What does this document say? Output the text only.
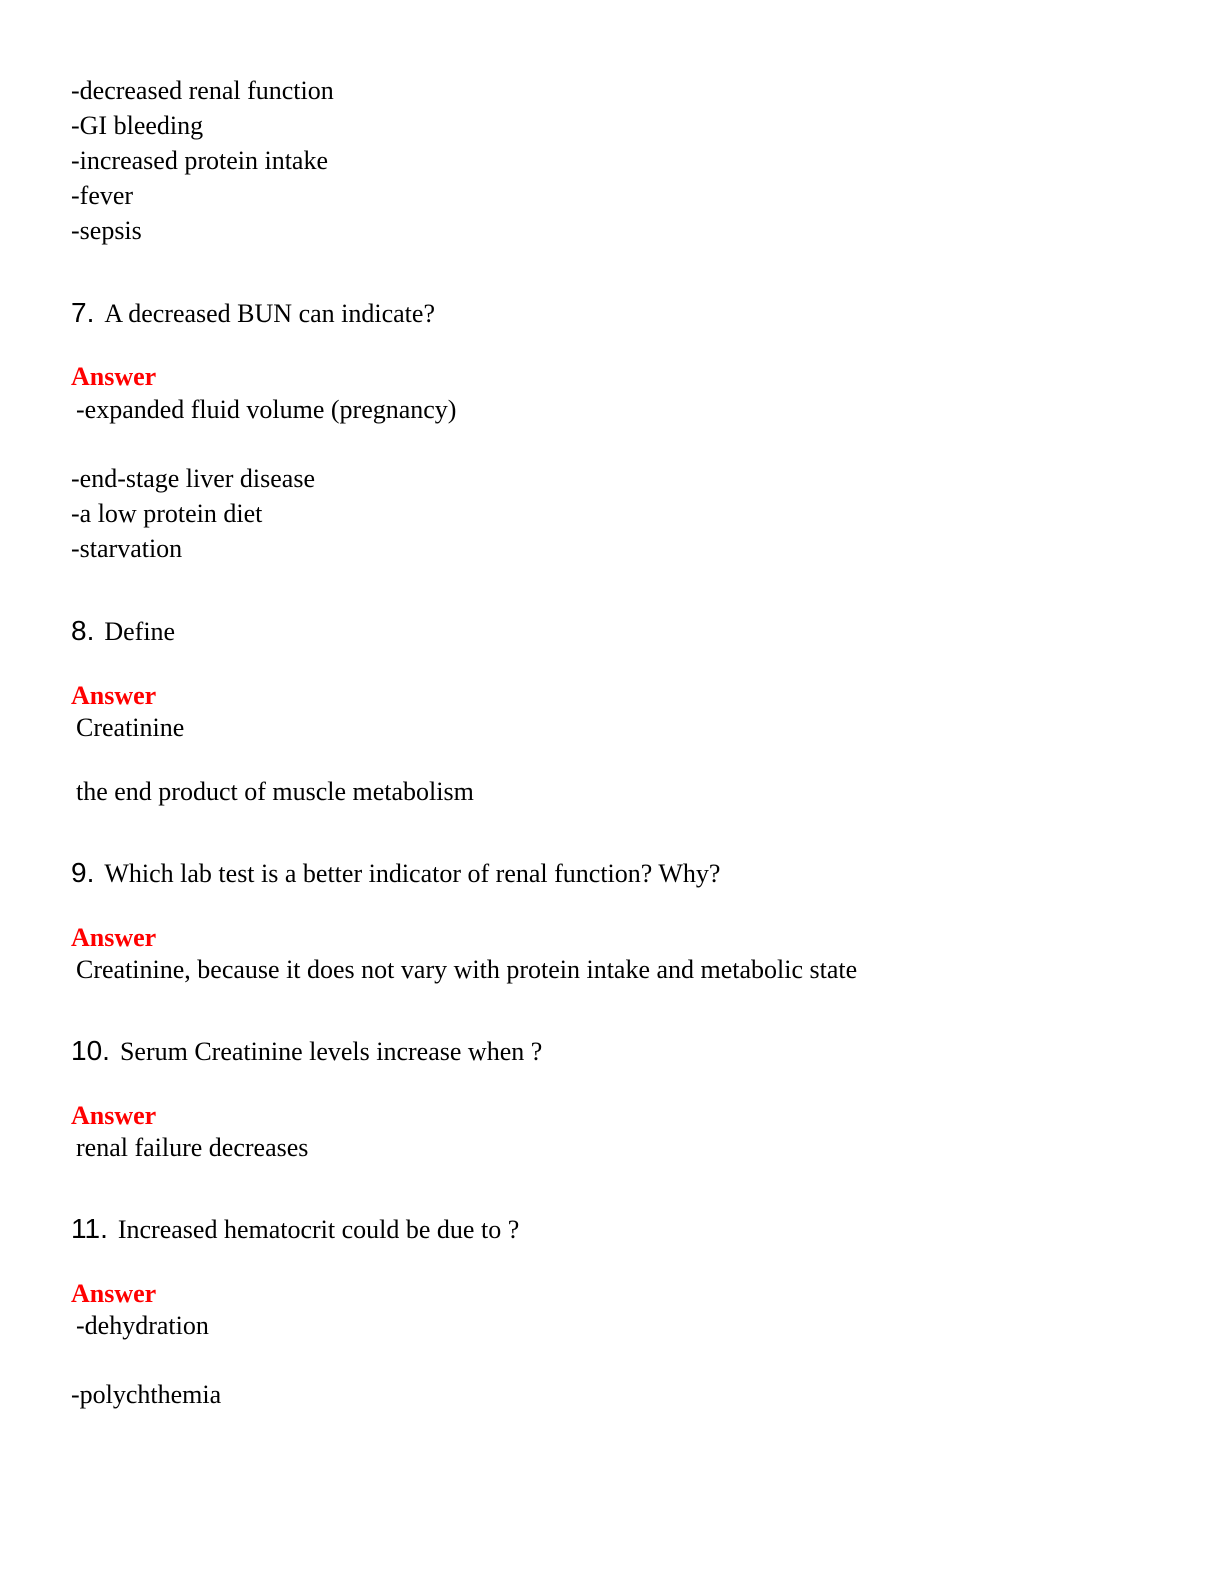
-decreased renal function
-GI bleeding
-increased protein intake
-fever
-sepsis
7. A decreased BUN can indicate?
Answer
-expanded fluid volume (pregnancy)
-end-stage liver disease
-a low protein diet
-starvation
8. Define
Answer
Creatinine
the end product of muscle metabolism
9. Which lab test is a better indicator of renal function? Why?
Answer
Creatinine, because it does not vary with protein intake and metabolic state
10. Serum Creatinine levels increase when ?
Answer
renal failure decreases
11. Increased hematocrit could be due to ?
Answer
-dehydration
-polychthemia
